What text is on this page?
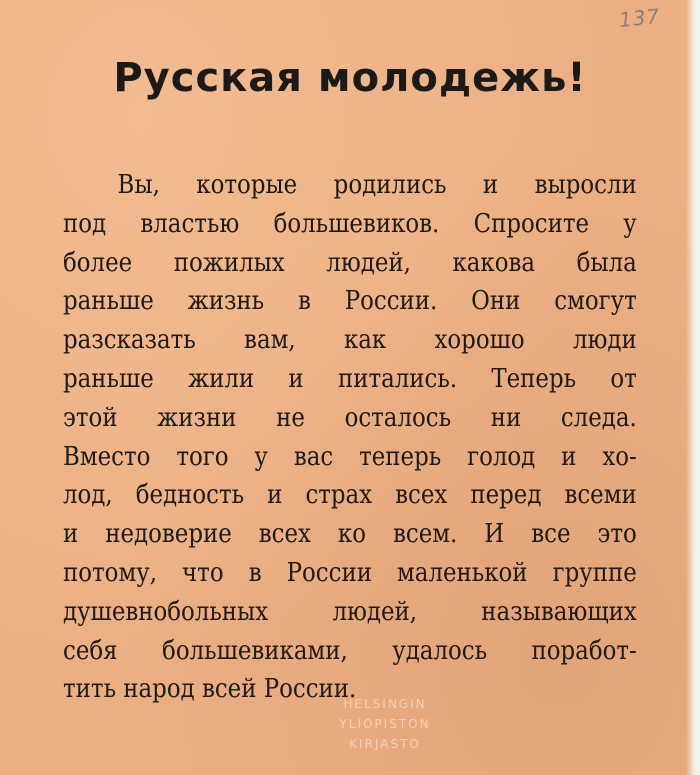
137
Русская молодежь!
Вы, которые родились и выросли
под властью большевиков. Спросите у
более пожилых людей, какова была
раньше жизнь в России. Они смогут
разсказать вам, как хорошо люди
раньше жили и питались. Теперь от
этой жизни не осталось ни следа.
Вместо того у вас теперь голод и хо-
лод, бедность и страх всех перед всеми
и недоверие всех ко всем. И все это
потому, что в России маленькой группе
душевнобольных людей, называющих
себя большевиками, удалось поработ-
тить народ всей России.
HELSINGIN
YLIOPISTON
KIRJASTO
